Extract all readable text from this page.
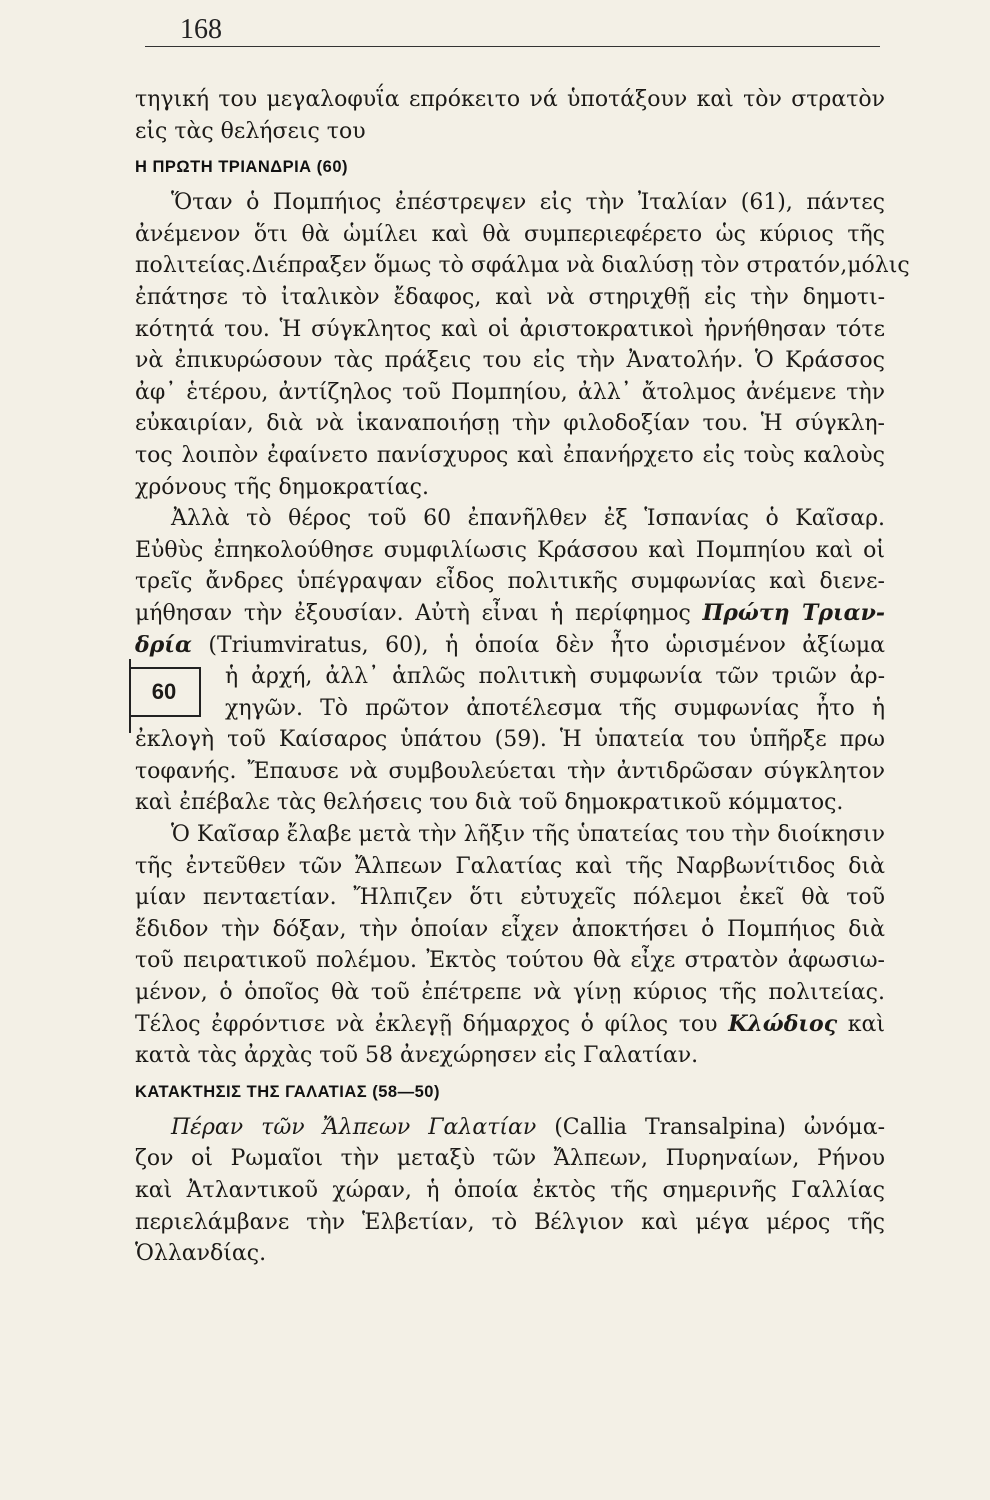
168
τηγική του μεγαλοφυΐα επρόκειτο νά ὑποτάξουν καὶ τὸν στρατὸν
εἰς τὰς θελήσεις του
Η ΠΡΩΤΗ ΤΡΙΑΝΔΡΙΑ (60)
Ὅταν ὁ Πομπήιος ἐπέστρεψεν εἰς τὴν Ἰταλίαν (61), πάντες
ἀνέμενον ὅτι θὰ ὡμίλει καὶ θὰ συμπεριεφέρετο ὡς κύριος τῆς
πολιτείας.Διέπραξεν ὅμως τὸ σφάλμα νὰ διαλύσῃ τὸν στρατόν,μόλις
ἐπάτησε τὸ ἰταλικὸν ἔδαφος, καὶ νὰ στηριχθῇ εἰς τὴν δημοτι-
κότητά του. Ἡ σύγκλητος καὶ οἱ ἀριστοκρατικοὶ ἠρνήθησαν τότε
νὰ ἐπικυρώσουν τὰς πράξεις του εἰς τὴν Ἀνατολήν. Ὁ Κράσσος
ἀφ᾽ ἑτέρου, ἀντίζηλος τοῦ Πομπηίου, ἀλλ᾽ ἄτολμος ἀνέμενε τὴν
εὐκαιρίαν, διὰ νὰ ἱκαναποιήσῃ τὴν φιλοδοξίαν του. Ἡ σύγκλη-
τος λοιπὸν ἐφαίνετο πανίσχυρος καὶ ἐπανήρχετο εἰς τοὺς καλοὺς
χρόνους τῆς δημοκρατίας.
Ἀλλὰ τὸ θέρος τοῦ 60 ἐπανῆλθεν ἐξ Ἱσπανίας ὁ Καῖσαρ.
Εὐθὺς ἐπηκολούθησε συμφιλίωσις Κράσσου καὶ Πομπηίου καὶ οἱ
τρεῖς ἄνδρες ὑπέγραψαν εἶδος πολιτικῆς συμφωνίας καὶ διενε-
μήθησαν τὴν ἐξουσίαν. Αὐτὴ εἶναι ἡ περίφημος Πρώτη Τριαν-
δρία (Triumviratus, 60), ἡ ὁποία δὲν ἦτο ὡρισμένον ἀξίωμα
60
ἡ ἀρχή, ἀλλ᾽ ἁπλῶς πολιτικὴ συμφωνία τῶν τριῶν ἀρ-
χηγῶν. Τὸ πρῶτον ἀποτέλεσμα τῆς συμφωνίας ἦτο ἡ
ἐκλογὴ τοῦ Καίσαρος ὑπάτου (59). Ἡ ὑπατεία του ὑπῆρξε πρω
τοφανής. Ἔπαυσε νὰ συμβουλεύεται τὴν ἀντιδρῶσαν σύγκλητον
καὶ ἐπέβαλε τὰς θελήσεις του διὰ τοῦ δημοκρατικοῦ κόμματος.
Ὁ Καῖσαρ ἔλαβε μετὰ τὴν λῆξιν τῆς ὑπατείας του τὴν διοίκησιν
τῆς ἐντεῦθεν τῶν Ἄλπεων Γαλατίας καὶ τῆς Ναρβωνίτιδος διὰ
μίαν πενταετίαν. Ἤλπιζεν ὅτι εὐτυχεῖς πόλεμοι ἐκεῖ θὰ τοῦ
ἔδιδον τὴν δόξαν, τὴν ὁποίαν εἶχεν ἀποκτήσει ὁ Πομπήιος διὰ
τοῦ πειρατικοῦ πολέμου. Ἐκτὸς τούτου θὰ εἶχε στρατὸν ἀφωσιω-
μένον, ὁ ὁποῖος θὰ τοῦ ἐπέτρεπε νὰ γίνῃ κύριος τῆς πολιτείας.
Τέλος ἐφρόντισε νὰ ἐκλεγῇ δήμαρχος ὁ φίλος του Κλώδιος καὶ
κατὰ τὰς ἀρχὰς τοῦ 58 ἀνεχώρησεν εἰς Γαλατίαν.
ΚΑΤΑΚΤΗΣΙΣ ΤΗΣ ΓΑΛΑΤΙΑΣ (58—50)
Πέραν τῶν Ἄλπεων Γαλατίαν (Callia Transalpina) ὠνόμα-
ζον οἱ Ρωμαῖοι τὴν μεταξὺ τῶν Ἄλπεων, Πυρηναίων, Ρήνου
καὶ Ἀτλαντικοῦ χώραν, ἡ ὁποία ἐκτὸς τῆς σημερινῆς Γαλλίας
περιελάμβανε τὴν Ἑλβετίαν, τὸ Βέλγιον καὶ μέγα μέρος τῆς
Ὁλλανδίας.
